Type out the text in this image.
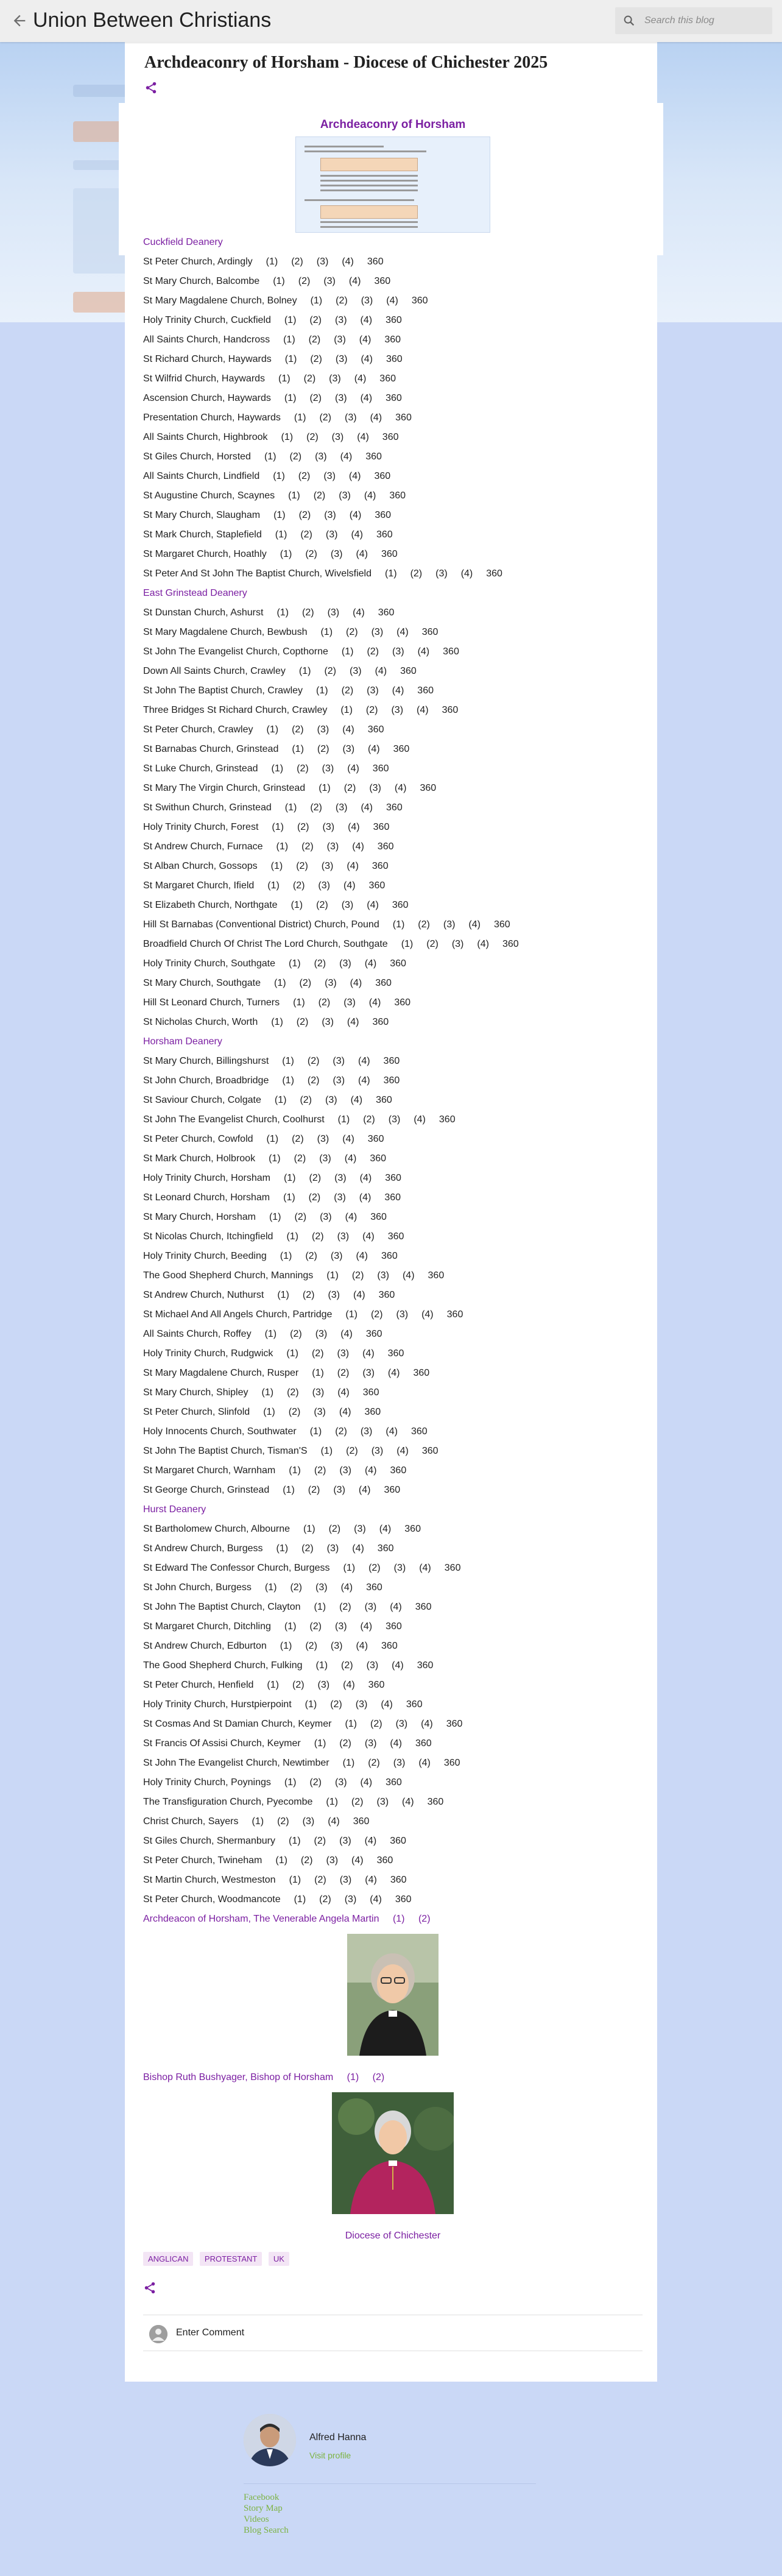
Union Between Christians
Search this blog
Archdeaconry of Horsham - Diocese of Chichester 2025
Archdeaconry of Horsham

Cuckfield Deanery

St Peter Church, Ardingly (1) (2) (3) (4) 360

St Mary Church, Balcombe (1) (2) (3) (4) 360

St Mary Magdalene Church, Bolney (1) (2) (3) (4) 360

Holy Trinity Church, Cuckfield (1) (2) (3) (4) 360

All Saints Church, Handcross (1) (2) (3) (4) 360

St Richard Church, Haywards (1) (2) (3) (4) 360

St Wilfrid Church, Haywards (1) (2) (3) (4) 360

Ascension Church, Haywards (1) (2) (3) (4) 360

Presentation Church, Haywards (1) (2) (3) (4) 360

All Saints Church, Highbrook (1) (2) (3) (4) 360

St Giles Church, Horsted (1) (2) (3) (4) 360

All Saints Church, Lindfield (1) (2) (3) (4) 360

St Augustine Church, Scaynes (1) (2) (3) (4) 360

St Mary Church, Slaugham (1) (2) (3) (4) 360

St Mark Church, Staplefield (1) (2) (3) (4) 360

St Margaret Church, Hoathly (1) (2) (3) (4) 360

St Peter And St John The Baptist Church, Wivelsfield (1) (2) (3) (4) 360

East Grinstead Deanery

St Dunstan Church, Ashurst (1) (2) (3) (4) 360

St Mary Magdalene Church, Bewbush (1) (2) (3) (4) 360

St John The Evangelist Church, Copthorne (1) (2) (3) (4) 360

Down All Saints Church, Crawley (1) (2) (3) (4) 360

St John The Baptist Church, Crawley (1) (2) (3) (4) 360

Three Bridges St Richard Church, Crawley (1) (2) (3) (4) 360

St Peter Church, Crawley (1) (2) (3) (4) 360

St Barnabas Church, Grinstead (1) (2) (3) (4) 360

St Luke Church, Grinstead (1) (2) (3) (4) 360

St Mary The Virgin Church, Grinstead (1) (2) (3) (4) 360

St Swithun Church, Grinstead (1) (2) (3) (4) 360

Holy Trinity Church, Forest (1) (2) (3) (4) 360

St Andrew Church, Furnace (1) (2) (3) (4) 360

St Alban Church, Gossops (1) (2) (3) (4) 360

St Margaret Church, Ifield (1) (2) (3) (4) 360

St Elizabeth Church, Northgate (1) (2) (3) (4) 360

Hill St Barnabas (Conventional District) Church, Pound (1) (2) (3) (4) 360

Broadfield Church Of Christ The Lord Church, Southgate (1) (2) (3) (4) 360

Holy Trinity Church, Southgate (1) (2) (3) (4) 360

St Mary Church, Southgate (1) (2) (3) (4) 360

Hill St Leonard Church, Turners (1) (2) (3) (4) 360

St Nicholas Church, Worth (1) (2) (3) (4) 360

Horsham Deanery

St Mary Church, Billingshurst (1) (2) (3) (4) 360

St John Church, Broadbridge (1) (2) (3) (4) 360

St Saviour Church, Colgate (1) (2) (3) (4) 360

St John The Evangelist Church, Coolhurst (1) (2) (3) (4) 360

St Peter Church, Cowfold (1) (2) (3) (4) 360

St Mark Church, Holbrook (1) (2) (3) (4) 360

Holy Trinity Church, Horsham (1) (2) (3) (4) 360

St Leonard Church, Horsham (1) (2) (3) (4) 360

St Mary Church, Horsham (1) (2) (3) (4) 360

St Nicolas Church, Itchingfield (1) (2) (3) (4) 360

Holy Trinity Church, Beeding (1) (2) (3) (4) 360

The Good Shepherd Church, Mannings (1) (2) (3) (4) 360

St Andrew Church, Nuthurst (1) (2) (3) (4) 360

St Michael And All Angels Church, Partridge (1) (2) (3) (4) 360

All Saints Church, Roffey (1) (2) (3) (4) 360

Holy Trinity Church, Rudgwick (1) (2) (3) (4) 360

St Mary Magdalene Church, Rusper (1) (2) (3) (4) 360

St Mary Church, Shipley (1) (2) (3) (4) 360

St Peter Church, Slinfold (1) (2) (3) (4) 360

Holy Innocents Church, Southwater (1) (2) (3) (4) 360

St John The Baptist Church, Tisman'S (1) (2) (3) (4) 360

St Margaret Church, Warnham (1) (2) (3) (4) 360

St George Church, Grinstead (1) (2) (3) (4) 360

Hurst Deanery

St Bartholomew Church, Albourne (1) (2) (3) (4) 360

St Andrew Church, Burgess (1) (2) (3) (4) 360

St Edward The Confessor Church, Burgess (1) (2) (3) (4) 360

St John Church, Burgess (1) (2) (3) (4) 360

St John The Baptist Church, Clayton (1) (2) (3) (4) 360

St Margaret Church, Ditchling (1) (2) (3) (4) 360

St Andrew Church, Edburton (1) (2) (3) (4) 360

The Good Shepherd Church, Fulking (1) (2) (3) (4) 360

St Peter Church, Henfield (1) (2) (3) (4) 360

Holy Trinity Church, Hurstpierpoint (1) (2) (3) (4) 360

St Cosmas And St Damian Church, Keymer (1) (2) (3) (4) 360

St Francis Of Assisi Church, Keymer (1) (2) (3) (4) 360

St John The Evangelist Church, Newtimber (1) (2) (3) (4) 360

Holy Trinity Church, Poynings (1) (2) (3) (4) 360

The Transfiguration Church, Pyecombe (1) (2) (3) (4) 360

Christ Church, Sayers (1) (2) (3) (4) 360

St Giles Church, Shermanbury (1) (2) (3) (4) 360

St Peter Church, Twineham (1) (2) (3) (4) 360

St Martin Church, Westmeston (1) (2) (3) (4) 360

St Peter Church, Woodmancote (1) (2) (3) (4) 360

Archdeacon of Horsham, The Venerable Angela Martin (1) (2)

Bishop Ruth Bushyager, Bishop of Horsham (1) (2)

Diocese of Chichester

ANGLICAN PROTESTANT UK
Enter Comment
Alfred Hanna
Visit profile
Facebook
Story Map
Videos
Blog Search
